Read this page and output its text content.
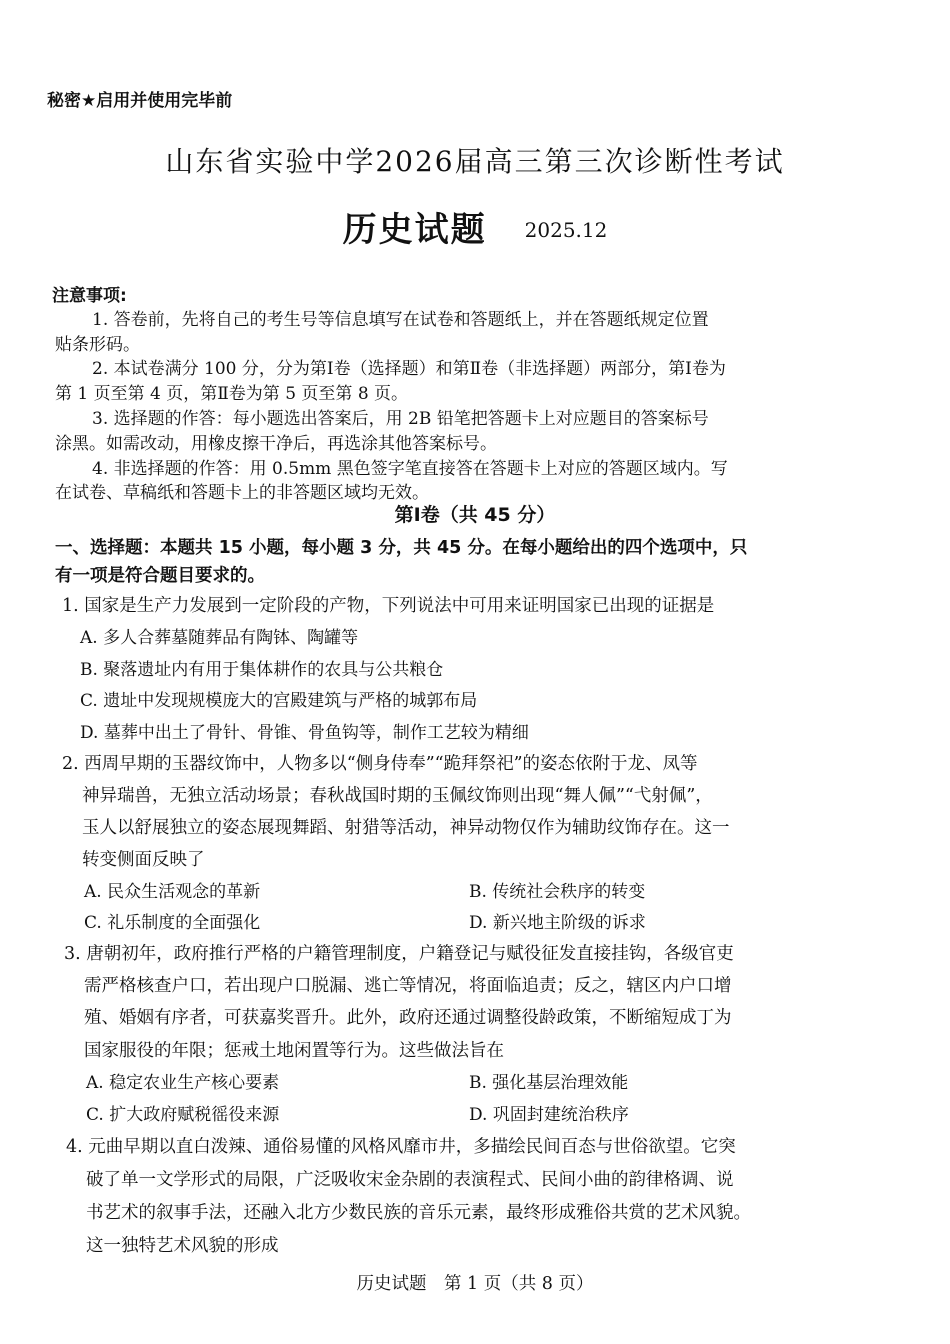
秘密★启用并使用完毕前
山东省实验中学2026届高三第三次诊断性考试
历史试题 2025.12
注意事项:
1. 答卷前，先将自己的考生号等信息填写在试卷和答题纸上，并在答题纸规定位置
贴条形码。
2. 本试卷满分 100 分，分为第Ⅰ卷（选择题）和第Ⅱ卷（非选择题）两部分，第Ⅰ卷为
第 1 页至第 4 页，第Ⅱ卷为第 5 页至第 8 页。
3. 选择题的作答：每小题选出答案后，用 2B 铅笔把答题卡上对应题目的答案标号
涂黑。如需改动，用橡皮擦干净后，再选涂其他答案标号。
4. 非选择题的作答：用 0.5mm 黑色签字笔直接答在答题卡上对应的答题区域内。写
在试卷、草稿纸和答题卡上的非答题区域均无效。
第Ⅰ卷（共 45 分）
一、选择题：本题共 15 小题，每小题 3 分，共 45 分。在每小题给出的四个选项中，只
有一项是符合题目要求的。
1. 国家是生产力发展到一定阶段的产物，下列说法中可用来证明国家已出现的证据是
A. 多人合葬墓随葬品有陶钵、陶罐等
B. 聚落遗址内有用于集体耕作的农具与公共粮仓
C. 遗址中发现规模庞大的宫殿建筑与严格的城郭布局
D. 墓葬中出土了骨针、骨锥、骨鱼钩等，制作工艺较为精细
2. 西周早期的玉器纹饰中，人物多以“侧身侍奉”“跪拜祭祀”的姿态依附于龙、凤等
神异瑞兽，无独立活动场景；春秋战国时期的玉佩纹饰则出现“舞人佩”“弋射佩”，
玉人以舒展独立的姿态展现舞蹈、射猎等活动，神异动物仅作为辅助纹饰存在。这一
转变侧面反映了
A. 民众生活观念的革新	B. 传统社会秩序的转变
C. 礼乐制度的全面强化	D. 新兴地主阶级的诉求
3. 唐朝初年，政府推行严格的户籍管理制度，户籍登记与赋役征发直接挂钩，各级官吏
需严格核查户口，若出现户口脱漏、逃亡等情况，将面临追责；反之，辖区内户口增
殖、婚姻有序者，可获嘉奖晋升。此外，政府还通过调整役龄政策，不断缩短成丁为
国家服役的年限；惩戒土地闲置等行为。这些做法旨在
A. 稳定农业生产核心要素	B. 强化基层治理效能
C. 扩大政府赋税徭役来源	D. 巩固封建统治秩序
4. 元曲早期以直白泼辣、通俗易懂的风格风靡市井，多描绘民间百态与世俗欲望。它突
破了单一文学形式的局限，广泛吸收宋金杂剧的表演程式、民间小曲的韵律格调、说
书艺术的叙事手法，还融入北方少数民族的音乐元素，最终形成雅俗共赏的艺术风貌。
这一独特艺术风貌的形成
历史试题　第 1 页（共 8 页）
